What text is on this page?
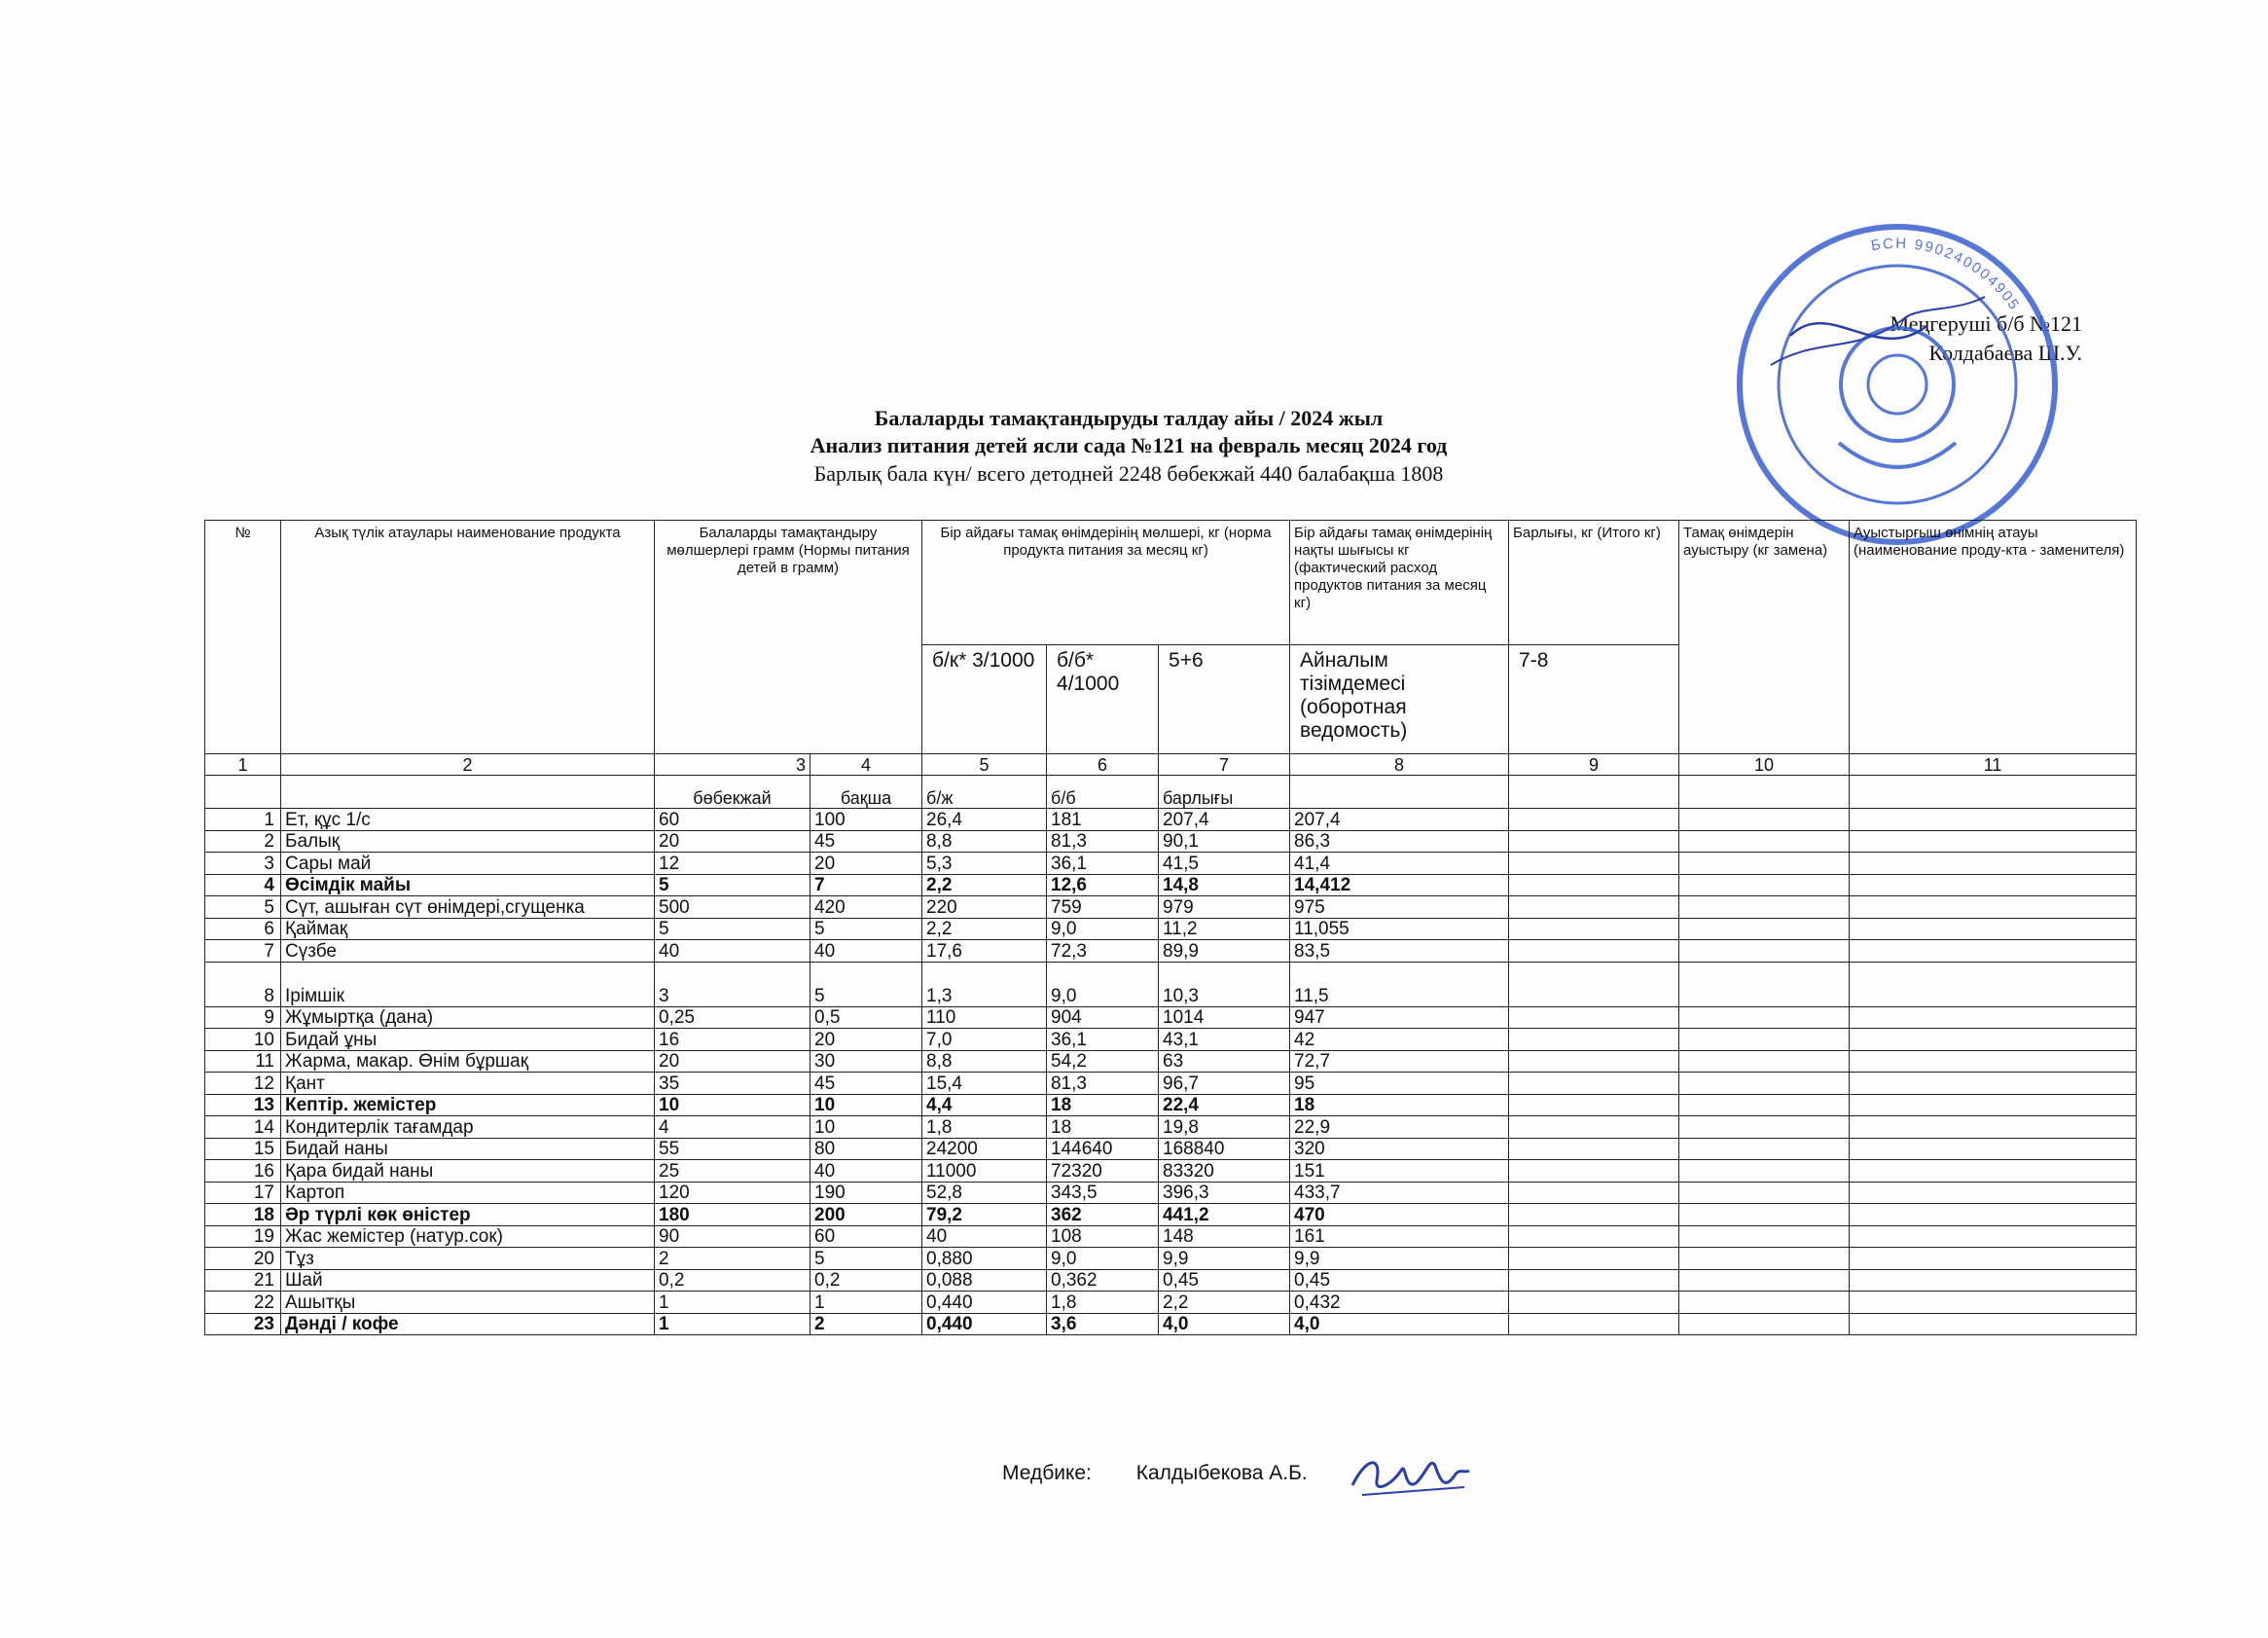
Меңгеруші б/б №121
Колдабаева Ш.У.
БСН 990240004905
Балаларды тамақтандыруды талдау айы / 2024 жыл
Анализ питания детей ясли сада №121 на февраль месяц 2024 год
Барлық бала күн/ всего детодней 2248 бөбекжай 440 балабақша 1808
№	Азық түлік атаулары наименование продукта	Балаларды тамақтандыру мөлшерлері грамм (Нормы питания детей в грамм)		Бір айдағы тамақ өнімдерінің мөлшері, кг (норма продукта питания за месяц кг)			Бір айдағы тамақ өнімдерінің нақты шығысы кг (фактический расход продуктов питания за месяц кг)	Барлығы, кг (Итого кг)	Тамақ өнімдерін ауыстыру (кг замена)	Ауыстырғыш өнімнің атауы (наименование проду-кта - заменителя)
				б/к* 3/1000	б/б* 4/1000	5+6	Айналым тізімдемесі (оборотная ведомость)	7-8		
1	2	3	4	5	6	7	8	9	10	11
		бөбекжай	бақша	б/ж	б/б	барлығы				
1	Ет, құс 1/с	60	100	26,4	181	207,4	207,4			
2	Балық	20	45	8,8	81,3	90,1	86,3			
3	Сары май	12	20	5,3	36,1	41,5	41,4			
4	Өсімдік майы	5	7	2,2	12,6	14,8	14,412			
5	Сүт, ашыған сүт өнімдері,сгущенка	500	420	220	759	979	975			
6	Қаймақ	5	5	2,2	9,0	11,2	11,055			
7	Сүзбе	40	40	17,6	72,3	89,9	83,5			
8	Ірімшік	3	5	1,3	9,0	10,3	11,5			
9	Жұмыртқа (дана)	0,25	0,5	110	904	1014	947			
10	Бидай ұны	16	20	7,0	36,1	43,1	42			
11	Жарма, макар. Өнім бұршақ	20	30	8,8	54,2	63	72,7			
12	Қант	35	45	15,4	81,3	96,7	95			
13	Кептір. жемістер	10	10	4,4	18	22,4	18			
14	Кондитерлік тағамдар	4	10	1,8	18	19,8	22,9			
15	Бидай наны	55	80	24200	144640	168840	320			
16	Қара бидай наны	25	40	11000	72320	83320	151			
17	Картоп	120	190	52,8	343,5	396,3	433,7			
18	Әр түрлі көк өністер	180	200	79,2	362	441,2	470			
19	Жас жемістер (натур.сок)	90	60	40	108	148	161			
20	Тұз	2	5	0,880	9,0	9,9	9,9			
21	Шай	0,2	0,2	0,088	0,362	0,45	0,45			
22	Ашытқы	1	1	0,440	1,8	2,2	0,432			
23	Дәнді / кофе	1	2	0,440	3,6	4,0	4,0			
Медбике: Калдыбекова А.Б.
